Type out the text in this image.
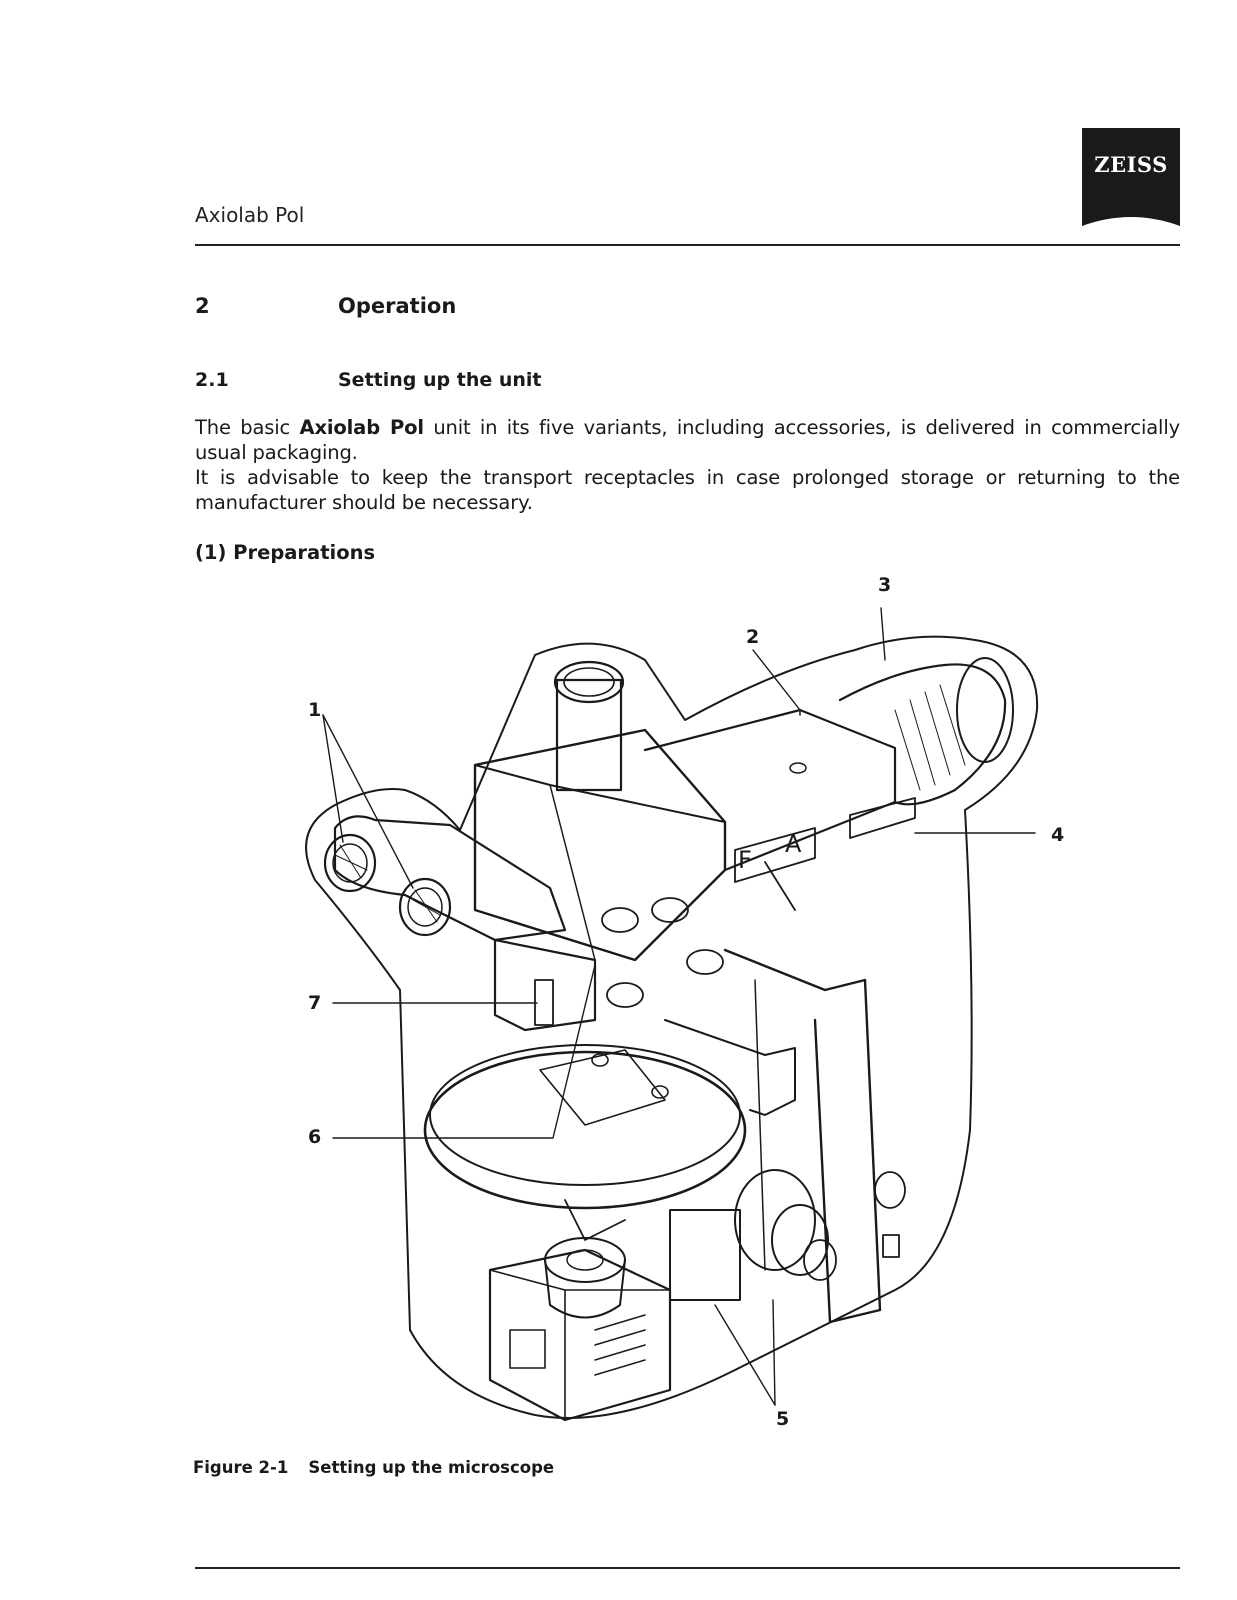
ZEISS
Axiolab Pol
2	Operation
2.1	Setting up the unit

The basic Axiolab Pol unit in its five variants, including accessories, is delivered in commercially usual packaging.

It is advisable to keep the transport receptacles in case prolonged storage or returning to the manufacturer should be necessary.

(1) Preparations
F
A
1
2
3
4
5
6
7
Figure 2-1 Setting up the microscope
